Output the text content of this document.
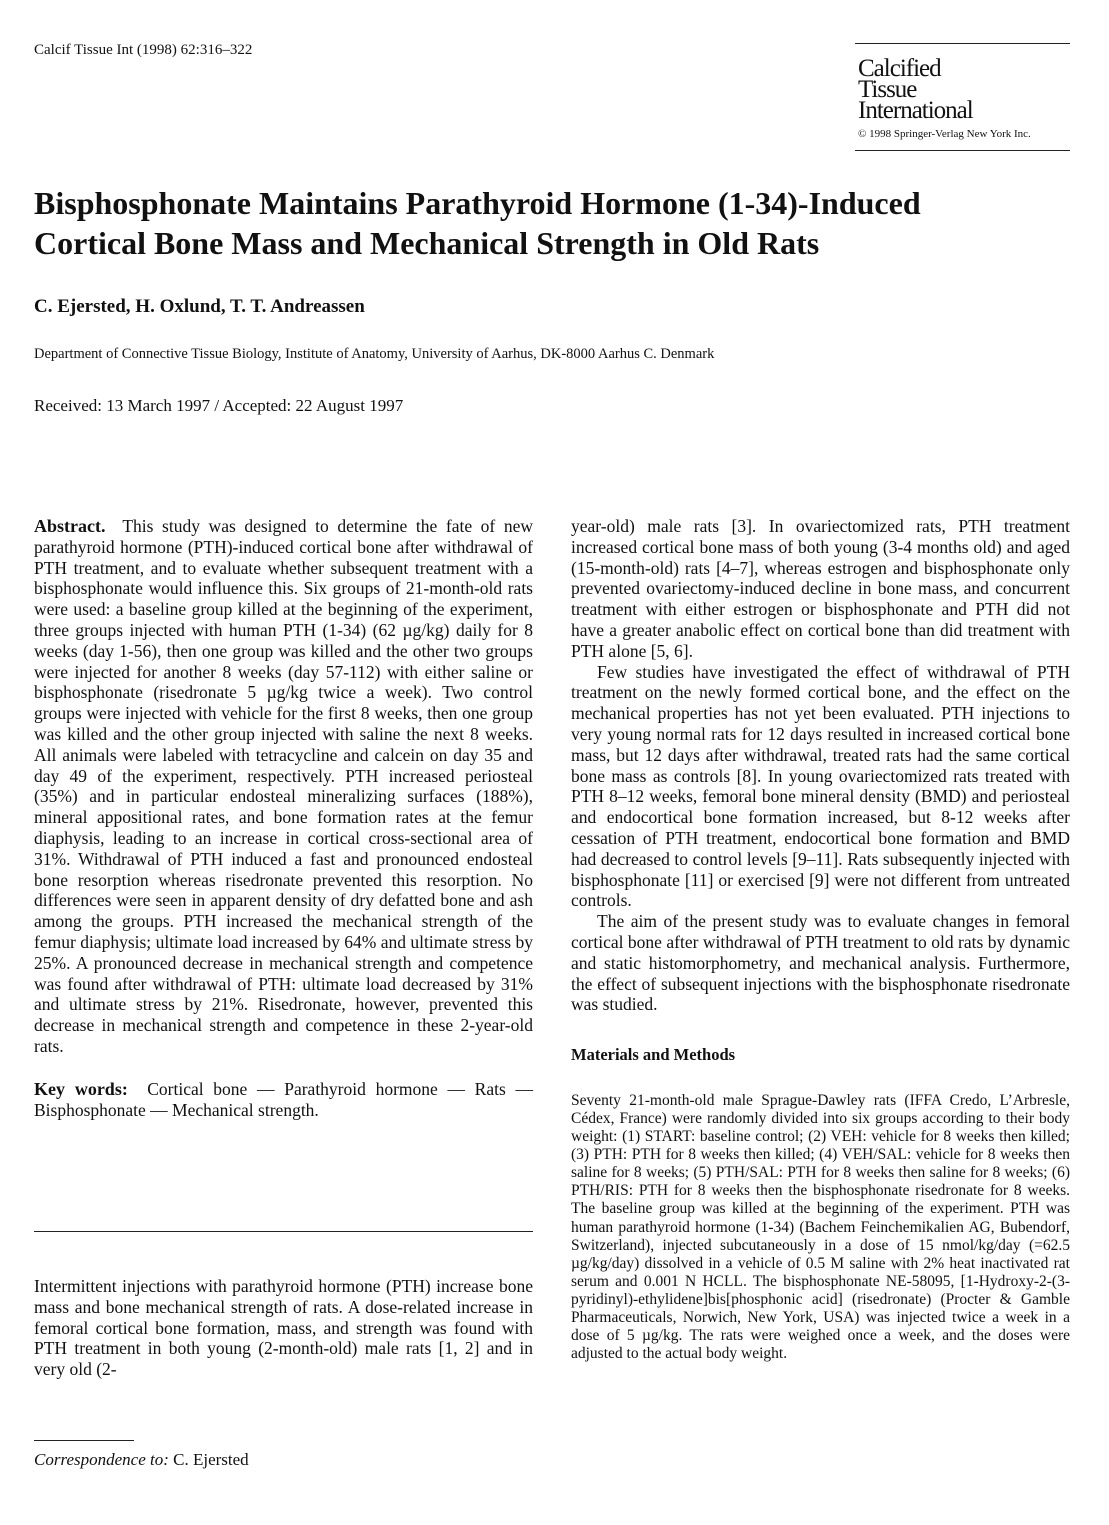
Calcif Tissue Int (1998) 62:316–322
Calcified
Tissue
International
© 1998 Springer-Verlag New York Inc.
Bisphosphonate Maintains Parathyroid Hormone (1-34)-Induced
Cortical Bone Mass and Mechanical Strength in Old Rats
C. Ejersted, H. Oxlund, T. T. Andreassen
Department of Connective Tissue Biology, Institute of Anatomy, University of Aarhus, DK-8000 Aarhus C. Denmark
Received: 13 March 1997 / Accepted: 22 August 1997

Abstract. This study was designed to determine the fate of new parathyroid hormone (PTH)-induced cortical bone after withdrawal of PTH treatment, and to evaluate whether subsequent treatment with a bisphosphonate would influence this. Six groups of 21-month-old rats were used: a baseline group killed at the beginning of the experiment, three groups injected with human PTH (1-34) (62 µg/kg) daily for 8 weeks (day 1-56), then one group was killed and the other two groups were injected for another 8 weeks (day 57-112) with either saline or bisphosphonate (risedronate 5 µg/kg twice a week). Two control groups were injected with vehicle for the first 8 weeks, then one group was killed and the other group injected with saline the next 8 weeks. All animals were labeled with tetracycline and calcein on day 35 and day 49 of the experiment, respectively. PTH increased periosteal (35%) and in particular endosteal mineralizing surfaces (188%), mineral appositional rates, and bone formation rates at the femur diaphysis, leading to an increase in cortical cross-sectional area of 31%. Withdrawal of PTH induced a fast and pronounced endosteal bone resorption whereas risedronate prevented this resorption. No differences were seen in apparent density of dry defatted bone and ash among the groups. PTH increased the mechanical strength of the femur diaphysis; ultimate load increased by 64% and ultimate stress by 25%. A pronounced decrease in mechanical strength and competence was found after withdrawal of PTH: ultimate load decreased by 31% and ultimate stress by 21%. Risedronate, however, prevented this decrease in mechanical strength and competence in these 2-year-old rats.

Key words: Cortical bone — Parathyroid hormone — Rats — Bisphosphonate — Mechanical strength.

Intermittent injections with parathyroid hormone (PTH) increase bone mass and bone mechanical strength of rats. A dose-related increase in femoral cortical bone formation, mass, and strength was found with PTH treatment in both young (2-month-old) male rats [1, 2] and in very old (2-
Correspondence to: C. Ejersted

year-old) male rats [3]. In ovariectomized rats, PTH treatment increased cortical bone mass of both young (3-4 months old) and aged (15-month-old) rats [4–7], whereas estrogen and bisphosphonate only prevented ovariectomy-induced decline in bone mass, and concurrent treatment with either estrogen or bisphosphonate and PTH did not have a greater anabolic effect on cortical bone than did treatment with PTH alone [5, 6].

Few studies have investigated the effect of withdrawal of PTH treatment on the newly formed cortical bone, and the effect on the mechanical properties has not yet been evaluated. PTH injections to very young normal rats for 12 days resulted in increased cortical bone mass, but 12 days after withdrawal, treated rats had the same cortical bone mass as controls [8]. In young ovariectomized rats treated with PTH 8–12 weeks, femoral bone mineral density (BMD) and periosteal and endocortical bone formation increased, but 8-12 weeks after cessation of PTH treatment, endocortical bone formation and BMD had decreased to control levels [9–11]. Rats subsequently injected with bisphosphonate [11] or exercised [9] were not different from untreated controls.

The aim of the present study was to evaluate changes in femoral cortical bone after withdrawal of PTH treatment to old rats by dynamic and static histomorphometry, and mechanical analysis. Furthermore, the effect of subsequent injections with the bisphosphonate risedronate was studied.

Materials and Methods

Seventy 21-month-old male Sprague-Dawley rats (IFFA Credo, L’Arbresle, Cédex, France) were randomly divided into six groups according to their body weight: (1) START: baseline control; (2) VEH: vehicle for 8 weeks then killed; (3) PTH: PTH for 8 weeks then killed; (4) VEH/SAL: vehicle for 8 weeks then saline for 8 weeks; (5) PTH/SAL: PTH for 8 weeks then saline for 8 weeks; (6) PTH/RIS: PTH for 8 weeks then the bisphosphonate risedronate for 8 weeks. The baseline group was killed at the beginning of the experiment. PTH was human parathyroid hormone (1-34) (Bachem Feinchemikalien AG, Bubendorf, Switzerland), injected subcutaneously in a dose of 15 nmol/kg/day (=62.5 µg/kg/day) dissolved in a vehicle of 0.5 M saline with 2% heat inactivated rat serum and 0.001 N HCLL. The bisphosphonate NE-58095, [1-Hydroxy-2-(3-pyridinyl)-ethylidene]bis[phosphonic acid] (risedronate) (Procter & Gamble Pharmaceuticals, Norwich, New York, USA) was injected twice a week in a dose of 5 µg/kg. The rats were weighed once a week, and the doses were adjusted to the actual body weight.
